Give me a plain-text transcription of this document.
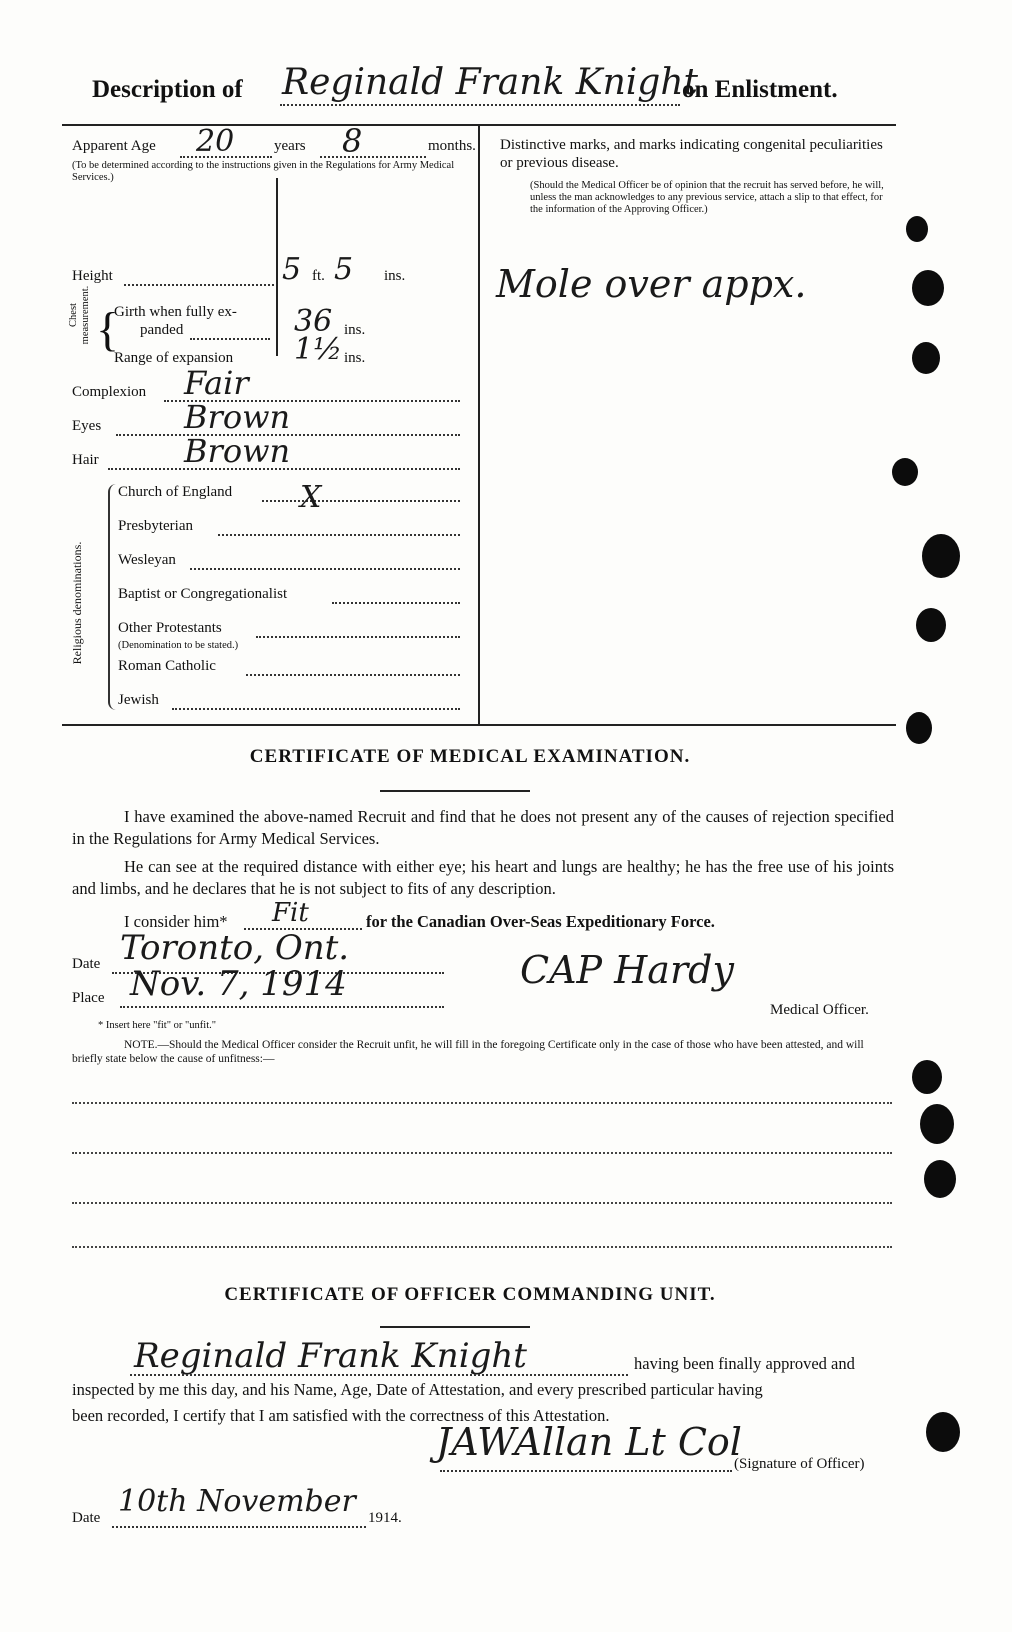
Description of Reginald Frank Knight
on Enlistment.
Apparent Age 20	years 8	months.
(To be determined according to the instructions given in the Regulations for Army Medical Services.)
Distinctive marks, and marks indicating congenital peculiarities or previous disease.
(Should the Medical Officer be of opinion that the recruit has served before, he will, unless the man acknowledges to any previous service, attach a slip to that effect, for the information of the Approving Officer.)
Mole over appx.
Height	5 ft. 5 ins.
Chest measurement. {
Girth when fully ex-
panded	36 ins.
Range of expansion 1½ ins.
Complexion Fair
Eyes	Brown
Hair	Brown
Religious denominations.
Church of England X
Presbyterian
Wesleyan
Baptist or Congregationalist
Other Protestants
(Denomination to be stated.)
Roman Catholic
Jewish
CERTIFICATE OF MEDICAL EXAMINATION.
I have examined the above-named Recruit and find that he does not present any of the causes of rejection specified in the Regulations for Army Medical Services.
He can see at the required distance with either eye; his heart and lungs are healthy; he has the free use of his joints and limbs, and he declares that he is not subject to fits of any description.
I consider him* Fit	for the Canadian Over-Seas Expeditionary Force.
Date Toronto, Ont.
Place Nov. 7, 1914	CAP Hardy
Medical Officer.
* Insert here "fit" or "unfit."
NOTE.—Should the Medical Officer consider the Recruit unfit, he will fill in the foregoing Certificate only in the case of those who have been attested, and will briefly state below the cause of unfitness:—
CERTIFICATE OF OFFICER COMMANDING UNIT.
Reginald Frank Knight	having been finally approved and
inspected by me this day, and his Name, Age, Date of Attestation, and every prescribed particular having
been recorded, I certify that I am satisfied with the correctness of this Attestation.
JAWAllan Lt Col
(Signature of Officer)
Date 10th November 1914.
